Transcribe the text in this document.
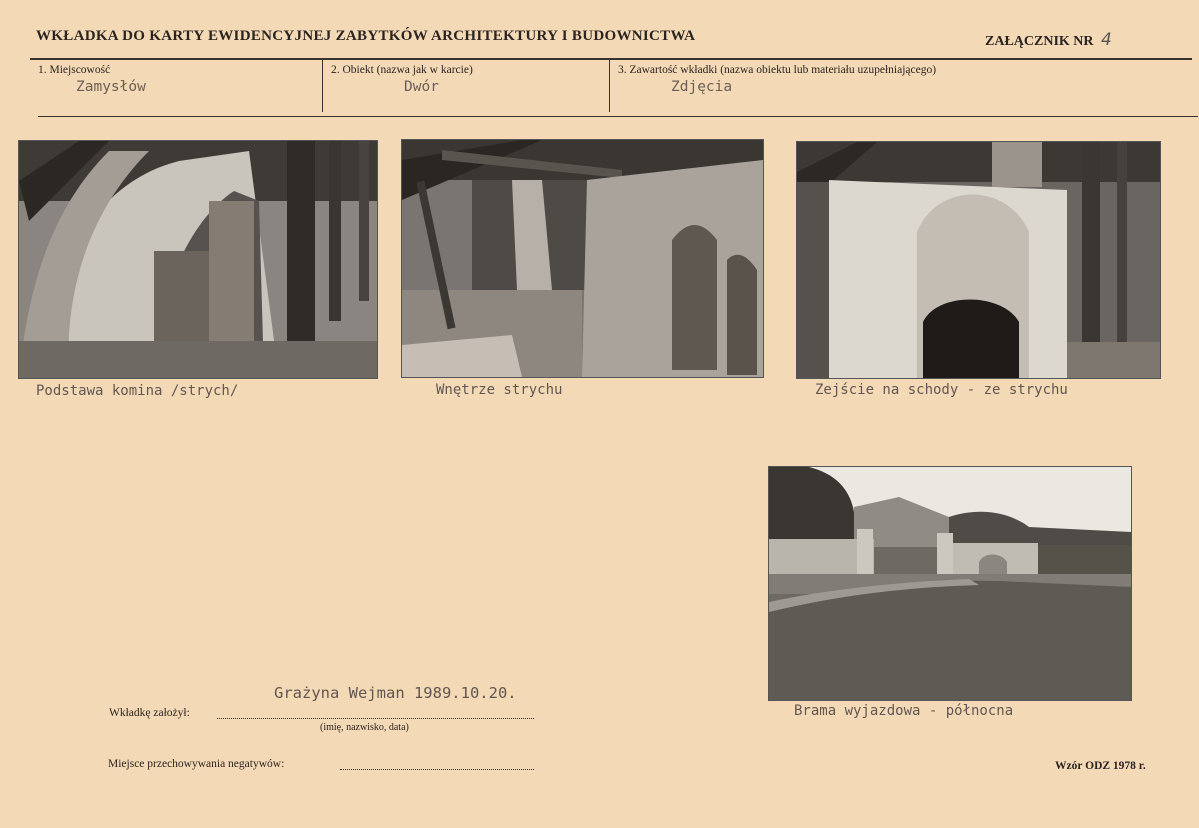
WKŁADKA DO KARTY EWIDENCYJNEJ ZABYTKÓW ARCHITEKTURY I BUDOWNICTWA	ZAŁĄCZNIK NR 4
1. Miejscowość
Zamysłów
2. Obiekt (nazwa jak w karcie)
Dwór
3. Zawartość wkładki (nazwa obiektu lub materiału uzupełniającego)
Zdjęcia
Podstawa komina /strych/	Wnętrze strychu	Zejście na schody - ze strychu
Brama wyjazdowa - północna
Grażyna Wejman 1989.10.20.
Wkładkę założył:
(imię, nazwisko, data)
Miejsce przechowywania negatywów:	Wzór ODZ 1978 r.
